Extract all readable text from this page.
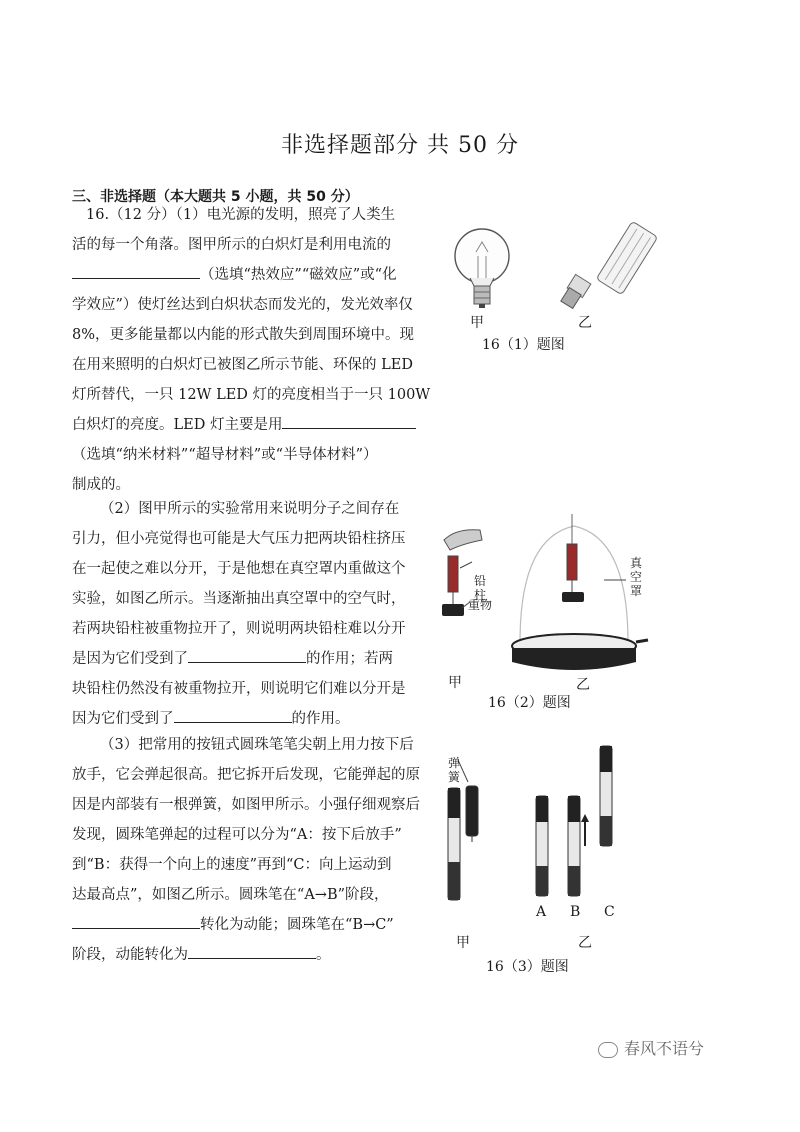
非选择题部分 共 50 分
三、非选择题（本大题共 5 小题，共 50 分）
16.（12 分）（1）电光源的发明，照亮了人类生
活的每一个角落。图甲所示的白炽灯是利用电流的
（选填“热效应”“磁效应”或“化
学效应”）使灯丝达到白炽状态而发光的，发光效率仅
8%，更多能量都以内能的形式散失到周围环境中。现
在用来照明的白炽灯已被图乙所示节能、环保的 LED
灯所替代，一只 12W LED 灯的亮度相当于一只 100W
白炽灯的亮度。LED 灯主要是用
（选填“纳米材料”“超导材料”或“半导体材料”）
制成的。
（2）图甲所示的实验常用来说明分子之间存在
引力，但小亮觉得也可能是大气压力把两块铅柱挤压
在一起使之难以分开，于是他想在真空罩内重做这个
实验，如图乙所示。当逐渐抽出真空罩中的空气时，
若两块铅柱被重物拉开了，则说明两块铅柱难以分开
是因为它们受到了	的作用；若两
块铅柱仍然没有被重物拉开，则说明它们难以分开是
因为它们受到了	的作用。
（3）把常用的按钮式圆珠笔笔尖朝上用力按下后
放手，它会弹起很高。把它拆开后发现，它能弹起的原
因是内部装有一根弹簧，如图甲所示。小强仔细观察后
发现，圆珠笔弹起的过程可以分为“A：按下后放手”
到“B：获得一个向上的速度”再到“C：向上运动到
达最高点”，如图乙所示。圆珠笔在“A→B”阶段，
转化为动能；圆珠笔在“B→C”
阶段，动能转化为	。
甲	乙
16（1）题图
铅柱
重物
真空罩
甲	乙
16（2）题图
弹簧
A B C
甲	乙
16（3）题图
春风不语兮
